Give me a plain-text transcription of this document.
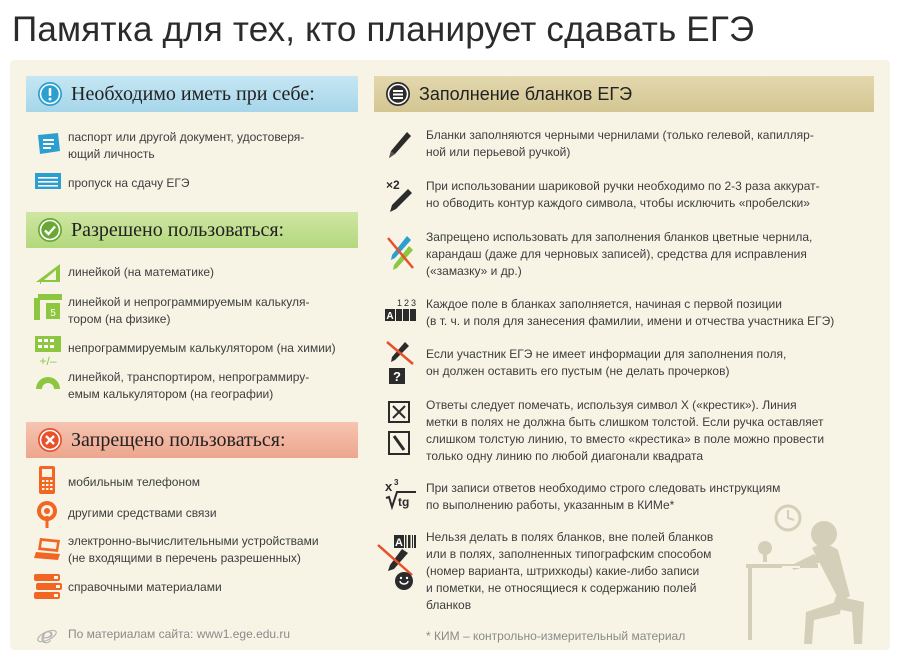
Памятка для тех, кто планирует сдавать ЕГЭ
Необходимо иметь при себе:
паспорт или другой документ, удостоверя-
ющий личность
пропуск на сдачу ЕГЭ
Разрешено пользоваться:
линейкой (на математике)
5
линейкой и непрограммируемым калькуля-
тором (на физике)
+/–
непрограммируемым калькулятором (на химии)
линейкой, транспортиром, непрограммиру-
емым калькулятором (на географии)
Запрещено пользоваться:
мобильным телефоном
другими средствами связи
электронно-вычислительными устройствами
(не входящими в перечень разрешенных)
справочными материалами
e По материалам сайта: www1.ege.edu.ru
Заполнение бланков ЕГЭ
Бланки заполняются черными чернилами (только гелевой, капилляр-
ной или перьевой ручкой)
×2 При использовании шариковой ручки необходимо по 2-3 раза аккурат-
но обводить контур каждого символа, чтобы исключить «пробелски»
Запрещено использовать для заполнения бланков цветные чернила,
карандаш (даже для черновых записей), средства для исправления
(«замазку» и др.)
1 2 3
A
Каждое поле в бланках заполняется, начиная с первой позиции
(в т. ч. и поля для занесения фамилии, имени и отчества участника ЕГЭ)
?
Если участник ЕГЭ не имеет информации для заполнения поля,
он должен оставить его пустым (не делать прочерков)
Ответы следует помечать, используя символ X («крестик»). Линия
метки в полях не должна быть слишком толстой. Если ручка оставляет
слишком толстую линию, то вместо «крестика» в поле можно провести
только одну линию по любой диагонали квадрата
x 3
tg
При записи ответов необходимо строго следовать инструкциям
по выполнению работы, указанным в КИМе*
A Нельзя делать в полях бланков, вне полей бланков
или в полях, заполненных типографским способом
(номер варианта, штрихкоды) какие-либо записи
и пометки, не относящиеся к содержанию полей
бланков
* КИМ – контрольно-измерительный материал
